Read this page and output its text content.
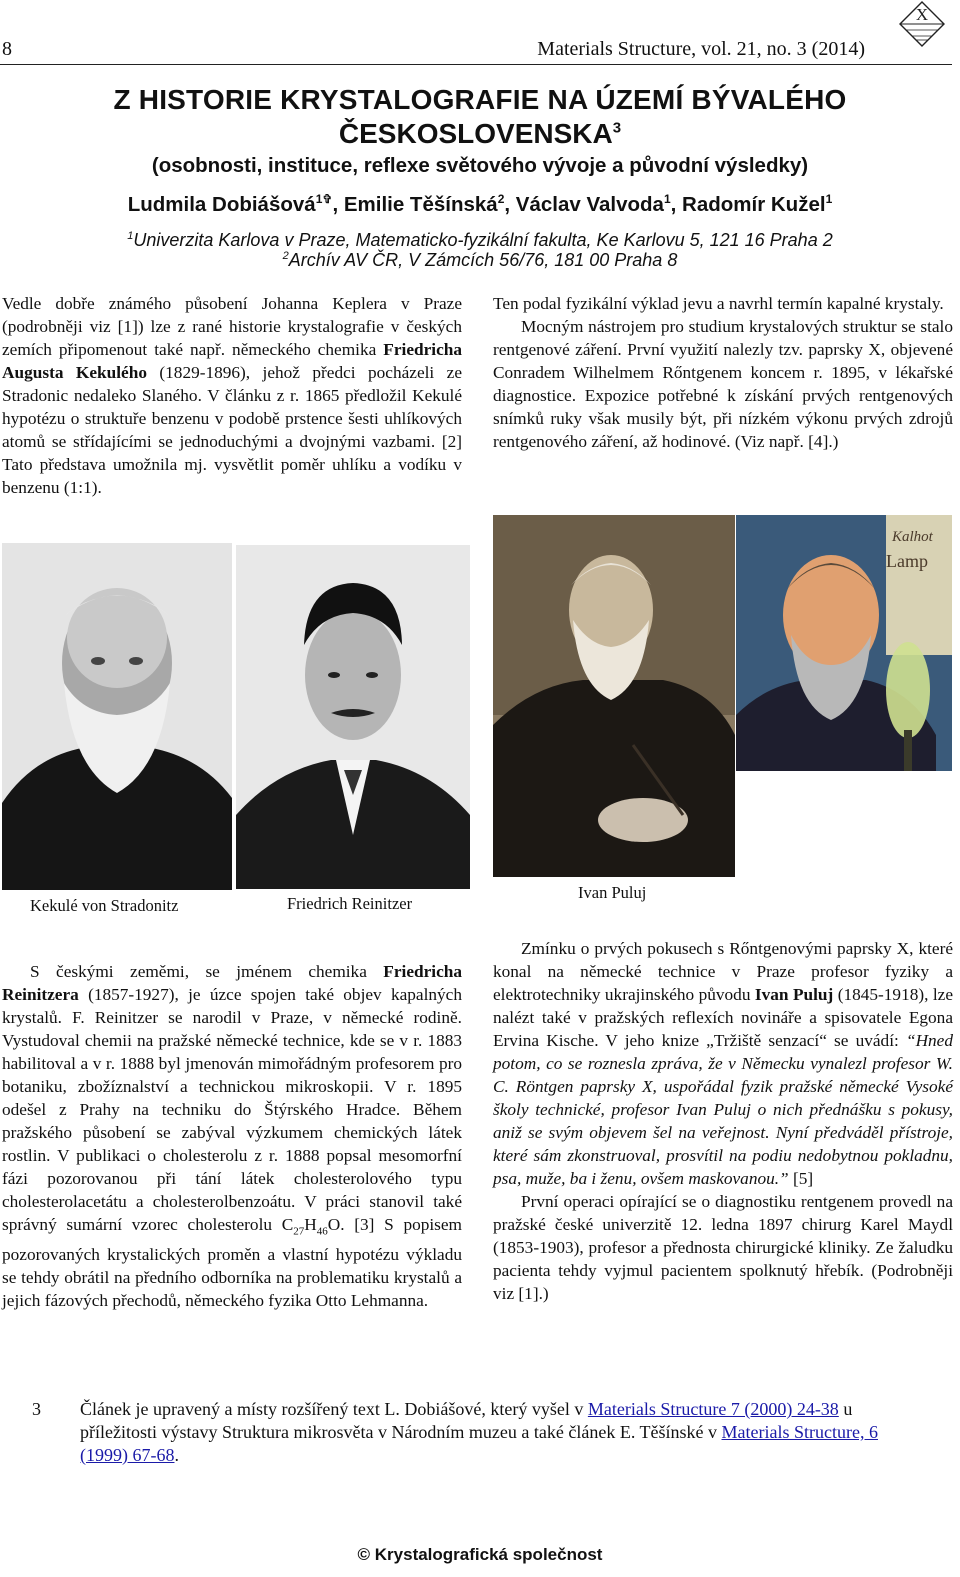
8	Materials Structure, vol. 21, no. 3 (2014)
X
Z HISTORIE KRYSTALOGRAFIE NA ÚZEMÍ BÝVALÉHO
ČESKOSLOVENSKA$^3$
(osobnosti, instituce, reflexe světového vývoje a původní výsledky)
Ludmila Dobiášová$^{1✞}$, Emilie Těšínská$^2$, Václav Valvoda$^1$, Radomír Kužel$^1$
$^1$Univerzita Karlova v Praze, Matematicko-fyzikální fakulta, Ke Karlovu 5, 121 16 Praha 2
$^2$Archív AV ČR, V Zámcích 56/76, 181 00 Praha 8

Vedle dobře známého působení Johanna Keplera v Praze (podrobněji viz [1]) lze z rané historie krystalografie v českých zemích připomenout také např. německého chemika Friedricha Augusta Kekulého (1829-1896), jehož předci pocházeli ze Stradonic nedaleko Slaného. V článku z r. 1865 předložil Kekulé hypotézu o struktuře benzenu v podobě prstence šesti uhlíkových atomů se střídajícími se jednoduchými a dvojnými vazbami. [2] Tato představa umožnila mj. vysvětlit poměr uhlíku a vodíku v benzenu (1:1).

Ten podal fyzikální výklad jevu a navrhl termín kapalné krystaly.

Mocným nástrojem pro studium krystalových struktur se stalo rentgenové záření. První využití nalezly tzv. paprsky X, objevené Conradem Wilhelmem Rőntgenem koncem r. 1895, v lékařské diagnostice. Expozice potřebné k získání prvých rentgenových snímků ruky však musily být, při nízkém výkonu prvých zdrojů rentgenového záření, až hodinové. (Viz např. [4].)

Kalhot
Lamp
Kekulé von Stradonitz	Friedrich Reinitzer
Ivan Puluj

S českými zeměmi, se jménem chemika Friedricha Reinitzera (1857-1927), je úzce spojen také objev kapalných krystalů. F. Reinitzer se narodil v Praze, v německé rodině. Vystudoval chemii na pražské německé technice, kde se v r. 1883 habilitoval a v r. 1888 byl jmenován mimořádným profesorem pro botaniku, zbožíznalství a technickou mikroskopii. V r. 1895 odešel z Prahy na techniku do Štýrského Hradce. Během pražského působení se zabýval výzkumem chemických látek rostlin. V publikaci o cholesterolu z r. 1888 popsal mesomorfní fázi pozorovanou při tání látek cholesterolového typu cholesterolacetátu a cholesterolbenzoátu. V práci stanovil také správný sumární vzorec cholesterolu $C_{27}H_{46}O$. [3] S popisem pozorovaných krystalických proměn a vlastní hypotézu výkladu se tehdy obrátil na předního odborníka na problematiku krystalů a jejich fázových přechodů, německého fyzika Otto Lehmanna.

Zmínku o prvých pokusech s Rőntgenovými paprsky X, které konal na německé technice v Praze profesor fyziky a elektrotechniky ukrajinského původu Ivan Puluj (1845-1918), lze nalézt také v pražských reflexích novináře a spisovatele Egona Ervina Kische. V jeho knize „Tržiště senzací“ se uvádí: “Hned potom, co se roznesla zpráva, že v Německu vynalezl profesor W. C. Röntgen paprsky X, uspořádal fyzik pražské německé Vysoké školy technické, profesor Ivan Puluj o nich přednášku s pokusy, aniž se svým objevem šel na veřejnost. Nyní předváděl přístroje, které sám zkonstruoval, prosvítil na podiu nedobytnou pokladnu, psa, muže, ba i ženu, ovšem maskovanou.” [5]

První operaci opírající se o diagnostiku rentgenem provedl na pražské české univerzitě 12. ledna 1897 chirurg Karel Maydl (1853-1903), profesor a přednosta chirurgické kliniky. Ze žaludku pacienta tehdy vyjmul pacientem spolknutý hřebík. (Podrobněji viz [1].)

3 Článek je upravený a místy rozšířený text L. Dobiášové, který vyšel v Materials Structure 7 (2000) 24-38 u příležitosti výstavy Struktura mikrosvěta v Národním muzeu a také článek E. Těšínské v Materials Structure, 6 (1999) 67-68.
© Krystalografická společnost
